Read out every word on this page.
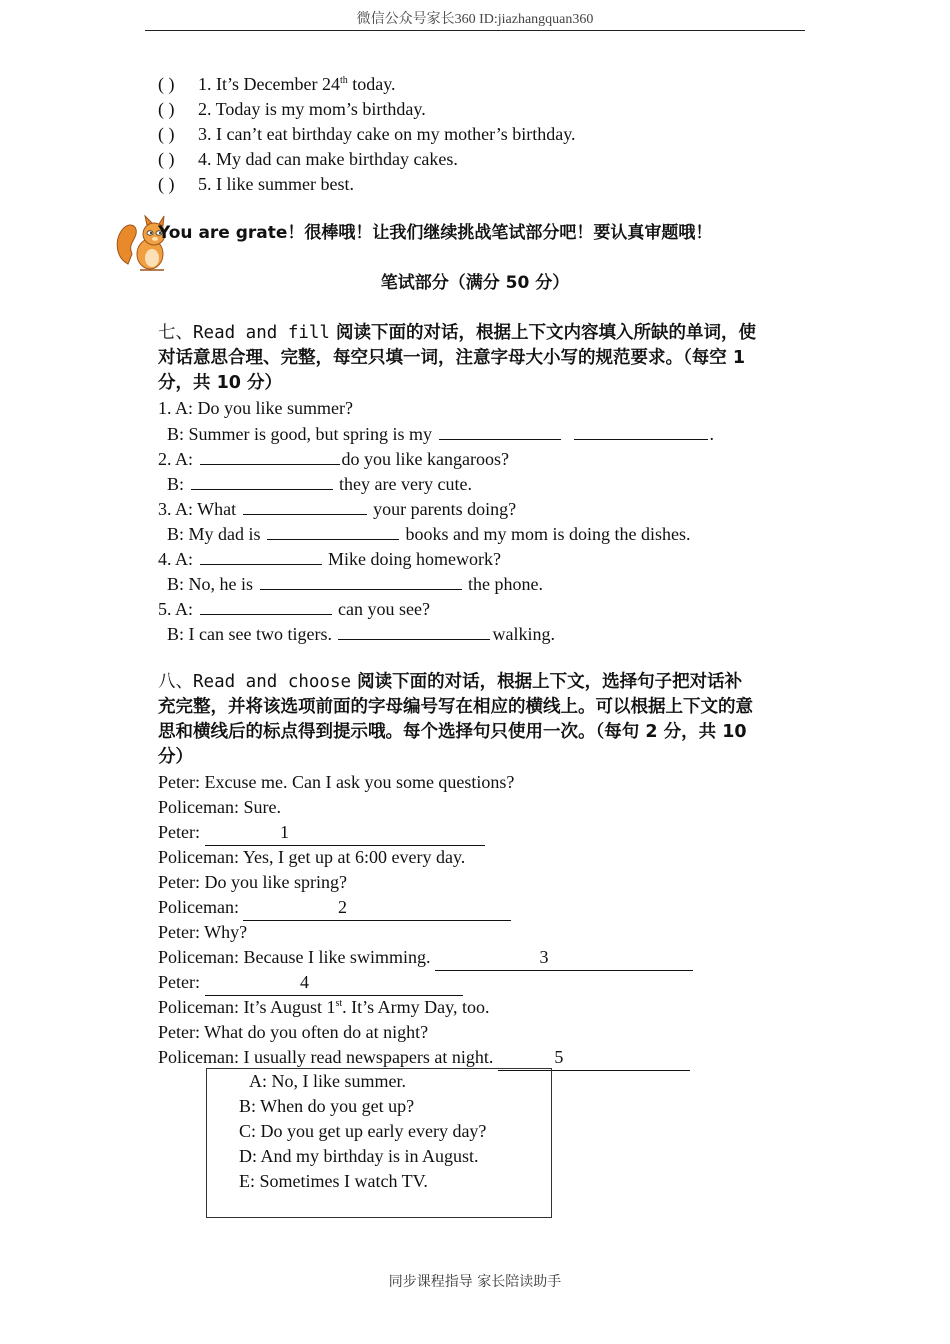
微信公众号家长360 ID:jiazhangquan360
( ) 1. It’s December 24th today.
( ) 2. Today is my mom’s birthday.
( ) 3. I can’t eat birthday cake on my mother’s birthday.
( ) 4. My dad can make birthday cakes.
( ) 5. I like summer best.
You are grate！很棒哦！让我们继续挑战笔试部分吧！要认真审题哦！
笔试部分（满分 50 分）
七、Read and fill 阅读下面的对话，根据上下文内容填入所缺的单词，使对话意思合理、完整，每空只填一词，注意字母大小写的规范要求。（每空 1 分，共 10 分）
1. A: Do you like summer?
B: Summer is good, but spring is my	.
2. A:	do you like kangaroos?
B:	they are very cute.
3. A: What	your parents doing?
B: My dad is	books and my mom is doing the dishes.
4. A:	Mike doing homework?
B: No, he is	the phone.
5. A:	can you see?
B: I can see two tigers.	walking.
八、Read and choose 阅读下面的对话，根据上下文，选择句子把对话补充完整，并将该选项前面的字母编号写在相应的横线上。可以根据上下文的意思和横线后的标点得到提示哦。每个选择句只使用一次。（每句 2 分，共 10 分）
Peter: Excuse me. Can I ask you some questions?
Policeman: Sure.
Peter:	1
Policeman: Yes, I get up at 6:00 every day.
Peter: Do you like spring?
Policeman:	2
Peter: Why?
Policeman: Because I like swimming.	3
Peter:	4
Policeman: It’s August 1st. It’s Army Day, too.
Peter: What do you often do at night?
Policeman: I usually read newspapers at night.	5
A: No, I like summer.
B: When do you get up?
C: Do you get up early every day?
D: And my birthday is in August.
E: Sometimes I watch TV.
同步课程指导 家长陪读助手
